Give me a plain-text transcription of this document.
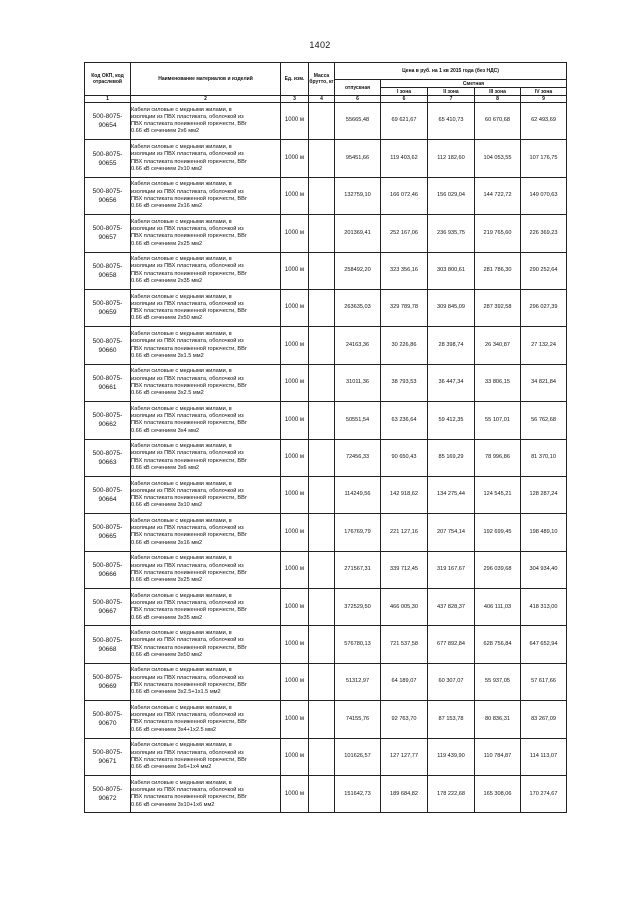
1402
Код ОКП, код отраслевой	Наименование материалов и изделий	Ед. изм.	Масса брутто, кг	Цена в руб. на 1 кв 2015 года (без НДС)				
				отпускная	Сметная			
					I зона	II зона	III зона	IV зона
1	2	3	4	6	6	7	8	9

500-8075-
90654	Кабели силовые с медными жилами, в
изоляции из ПВХ пластиката, оболочкой из
ПВХ пластиката пониженной горючести, ВВг
0.66 кВ сечением 2х6 мм2	1000 м		55665,48	69 621,67	65 410,73	60 670,68	62 493,69

500-8075-
90655	Кабели силовые с медными жилами, в
изоляции из ПВХ пластиката, оболочкой из
ПВХ пластиката пониженной горючести, ВВг
0.66 кВ сечением 2х10 мм2	1000 м		95451,66	119 403,62	112 182,60	104 053,55	107 176,75

500-8075-
90656	Кабели силовые с медными жилами, в
изоляции из ПВХ пластиката, оболочкой из
ПВХ пластиката пониженной горючести, ВВг
0.66 кВ сечением 2х16 мм2	1000 м		132759,10	166 072,46	156 029,04	144 722,72	149 070,63

500-8075-
90657	Кабели силовые с медными жилами, в
изоляции из ПВХ пластиката, оболочкой из
ПВХ пластиката пониженной горючести, ВВг
0.66 кВ сечением 2х25 мм2	1000 м		201369,41	252 167,06	236 935,75	219 765,60	226 369,23

500-8075-
90658	Кабели силовые с медными жилами, в
изоляции из ПВХ пластиката, оболочкой из
ПВХ пластиката пониженной горючести, ВВг
0.66 кВ сечением 2х35 мм2	1000 м		258492,20	323 356,16	303 800,61	281 786,30	290 252,64

500-8075-
90659	Кабели силовые с медными жилами, в
изоляции из ПВХ пластиката, оболочкой из
ПВХ пластиката пониженной горючести, ВВг
0.66 кВ сечением 2х50 мм2	1000 м		263635,03	329 789,78	309 845,09	287 392,58	296 027,39

500-8075-
90660	Кабели силовые с медными жилами, в
изоляции из ПВХ пластиката, оболочкой из
ПВХ пластиката пониженной горючести, ВВг
0.66 кВ сечением 3х1.5 мм2	1000 м		24163,36	30 226,86	28 398,74	26 340,87	27 132,24

500-8075-
90661	Кабели силовые с медными жилами, в
изоляции из ПВХ пластиката, оболочкой из
ПВХ пластиката пониженной горючести, ВВг
0.66 кВ сечением 3х2.5 мм2	1000 м		31011,36	38 793,53	36 447,34	33 806,15	34 821,84

500-8075-
90662	Кабели силовые с медными жилами, в
изоляции из ПВХ пластиката, оболочкой из
ПВХ пластиката пониженной горючести, ВВг
0.66 кВ сечением 3х4 мм2	1000 м		50551,54	63 236,64	59 412,35	55 107,01	56 762,68

500-8075-
90663	Кабели силовые с медными жилами, в
изоляции из ПВХ пластиката, оболочкой из
ПВХ пластиката пониженной горючести, ВВг
0.66 кВ сечением 3х6 мм2	1000 м		72456,33	90 650,43	85 169,29	78 996,86	81 370,10

500-8075-
90664	Кабели силовые с медными жилами, в
изоляции из ПВХ пластиката, оболочкой из
ПВХ пластиката пониженной горючести, ВВг
0.66 кВ сечением 3х10 мм2	1000 м		114249,56	142 918,62	134 275,44	124 545,21	128 287,24

500-8075-
90665	Кабели силовые с медными жилами, в
изоляции из ПВХ пластиката, оболочкой из
ПВХ пластиката пониженной горючести, ВВг
0.66 кВ сечением 3х16 мм2	1000 м		176769,79	221 127,16	207 754,14	192 699,45	198 489,10

500-8075-
90666	Кабели силовые с медными жилами, в
изоляции из ПВХ пластиката, оболочкой из
ПВХ пластиката пониженной горючести, ВВг
0.66 кВ сечением 3х25 мм2	1000 м		271567,31	339 712,45	319 167,67	296 039,68	304 934,40

500-8075-
90667	Кабели силовые с медными жилами, в
изоляции из ПВХ пластиката, оболочкой из
ПВХ пластиката пониженной горючести, ВВг
0.66 кВ сечением 3х35 мм2	1000 м		372529,50	466 005,30	437 828,37	406 111,03	418 313,00

500-8075-
90668	Кабели силовые с медными жилами, в
изоляции из ПВХ пластиката, оболочкой из
ПВХ пластиката пониженной горючести, ВВг
0.66 кВ сечением 3х50 мм2	1000 м		576780,13	721 537,58	677 892,84	628 756,84	647 652,94

500-8075-
90669	Кабели силовые с медными жилами, в
изоляции из ПВХ пластиката, оболочкой из
ПВХ пластиката пониженной горючести, ВВг
0.66 кВ сечением 3х2.5+1х1.5 мм2	1000 м		51312,97	64 189,07	60 307,07	55 937,05	57 617,66

500-8075-
90670	Кабели силовые с медными жилами, в
изоляции из ПВХ пластиката, оболочкой из
ПВХ пластиката пониженной горючести, ВВг
0.66 кВ сечением 3х4+1х2.5 мм2	1000 м		74155,76	92 763,70	87 153,78	80 836,31	83 267,09

500-8075-
90671	Кабели силовые с медными жилами, в
изоляции из ПВХ пластиката, оболочкой из
ПВХ пластиката пониженной горючести, ВВг
0.66 кВ сечением 3х6+1х4 мм2	1000 м		101626,57	127 127,77	119 439,90	110 784,87	114 113,07

500-8075-
90672	Кабели силовые с медными жилами, в
изоляции из ПВХ пластиката, оболочкой из
ПВХ пластиката пониженной горючести, ВВг
0.66 кВ сечением 3х10+1х6 мм2	1000 м		151642,73	189 684,82	178 222,68	165 308,06	170 274,67
